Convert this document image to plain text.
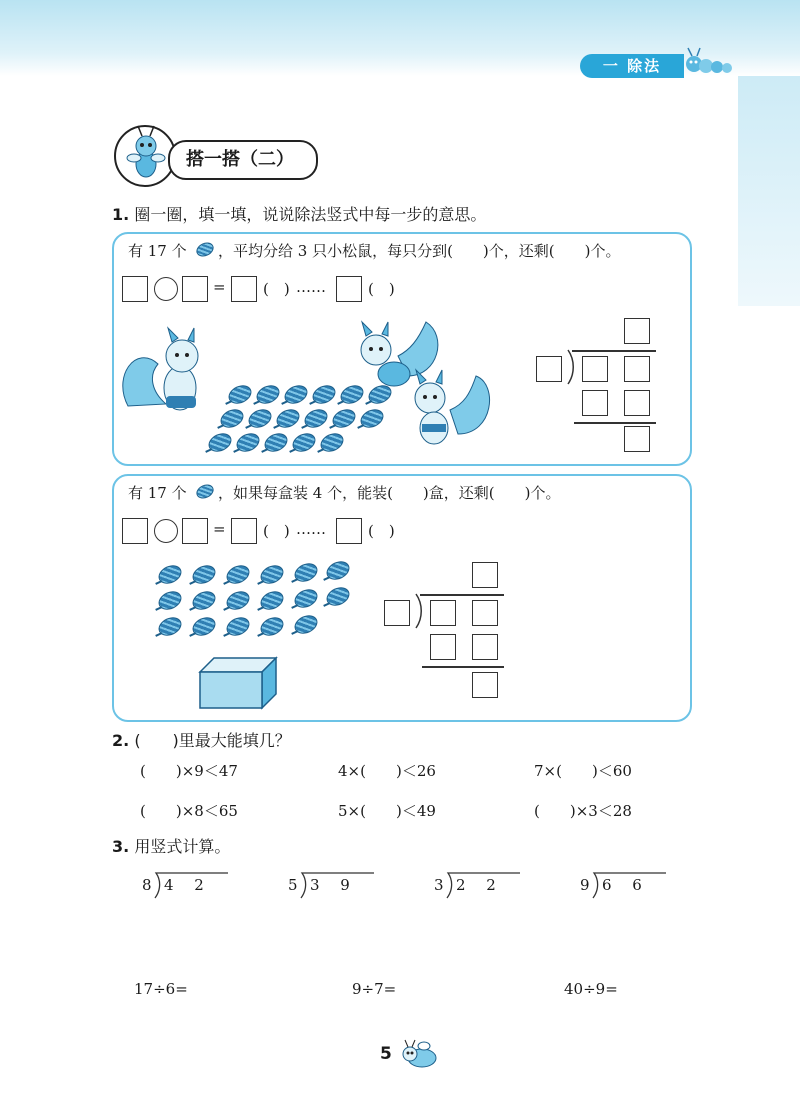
一 除法
搭一搭（二）
1. 圈一圈，填一填，说说除法竖式中每一步的意思。
有 17 个 ，平均分给 3 只小松鼠，每只分到(　　)个，还剩(　　)个。
= (　) ……	(　)
有 17 个 ，如果每盒装 4 个，能装(　　)盒，还剩(　　)个。
= (　) ……	(　)
2. (　　)里最大能填几？
(　　)×9＜47	4×(　　)＜26	7×(　　)＜60
(　　)×8＜65	5×(　　)＜49	(　　)×3＜28
3. 用竖式计算。
8 4 2	5 3 9	3 2 2	9 6 6
17÷6=	9÷7=	40÷9=
5
